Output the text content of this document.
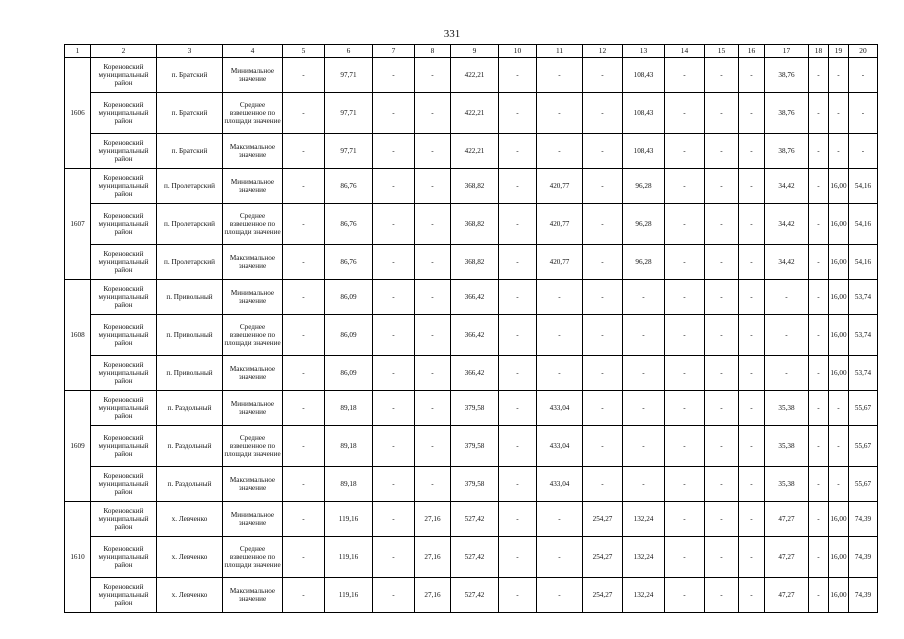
331
1	2	3	4	5	6	7	8	9	10	11	12	13	14	15	16	17	18	19	20
1606	Кореновский муниципальный район	п. Братский	Минимальное значение	-	97,71	-	-	422,21	-	-	-	108,43	-	-	-	38,76	-	-	-
	Кореновский муниципальный район	п. Братский	Среднее взвешенное по площади значение	-	97,71	-	-	422,21	-	-	-	108,43	-	-	-	38,76	-	-	-
	Кореновский муниципальный район	п. Братский	Максимальное значение	-	97,71	-	-	422,21	-	-	-	108,43	-	-	-	38,76	-	-	-
1607	Кореновский муниципальный район	п. Пролетарский	Минимальное значение	-	86,76	-	-	368,82	-	420,77	-	96,28	-	-	-	34,42	-	16,00	54,16
	Кореновский муниципальный район	п. Пролетарский	Среднее взвешенное по площади значение	-	86,76	-	-	368,82	-	420,77	-	96,28	-	-	-	34,42	-	16,00	54,16
	Кореновский муниципальный район	п. Пролетарский	Максимальное значение	-	86,76	-	-	368,82	-	420,77	-	96,28	-	-	-	34,42	-	16,00	54,16
1608	Кореновский муниципальный район	п. Привольный	Минимальное значение	-	86,09	-	-	366,42	-	-	-	-	-	-	-	-	-	16,00	53,74
	Кореновский муниципальный район	п. Привольный	Среднее взвешенное по площади значение	-	86,09	-	-	366,42	-	-	-	-	-	-	-	-	-	16,00	53,74
	Кореновский муниципальный район	п. Привольный	Максимальное значение	-	86,09	-	-	366,42	-	-	-	-	-	-	-	-	-	16,00	53,74
1609	Кореновский муниципальный район	п. Раздольный	Минимальное значение	-	89,18	-	-	379,58	-	433,04	-	-	-	-	-	35,38	-	-	55,67
	Кореновский муниципальный район	п. Раздольный	Среднее взвешенное по площади значение	-	89,18	-	-	379,58	-	433,04	-	-	-	-	-	35,38	-	-	55,67
	Кореновский муниципальный район	п. Раздольный	Максимальное значение	-	89,18	-	-	379,58	-	433,04	-	-	-	-	-	35,38	-	-	55,67
1610	Кореновский муниципальный район	х. Левченко	Минимальное значение	-	119,16	-	27,16	527,42	-	-	254,27	132,24	-	-	-	47,27	-	16,00	74,39
	Кореновский муниципальный район	х. Левченко	Среднее взвешенное по площади значение	-	119,16	-	27,16	527,42	-	-	254,27	132,24	-	-	-	47,27	-	16,00	74,39
	Кореновский муниципальный район	х. Левченко	Максимальное значение	-	119,16	-	27,16	527,42	-	-	254,27	132,24	-	-	-	47,27	-	16,00	74,39
